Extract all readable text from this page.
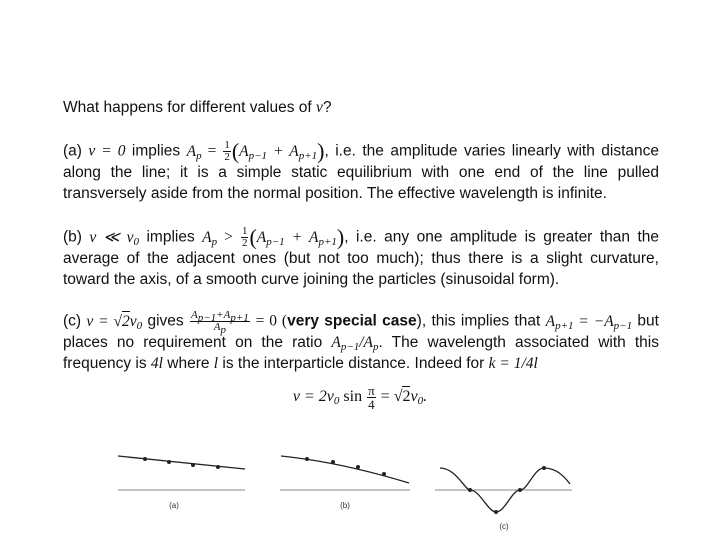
What happens for different values of ν?
(a) ν = 0 implies $A_p = \frac{1}{2} (A_{p-1} + A_{p+1})$, i.e. the amplitude varies linearly with distance along the line; it is a simple static equilibrium with one end of the line pulled transversely aside from the normal position. The effective wavelength is infinite.
(b) ν ≪ $\nu_0$ implies $A_p > \frac{1}{2} (A_{p-1} + A_{p+1})$, i.e. any one amplitude is greater than the average of the adjacent ones (but not too much); thus there is a slight curvature, toward the axis, of a smooth curve joining the particles (sinusoidal form).
(c) $\nu = √2\nu_0$ gives $\frac{A_{p-1}+A_{p+1}}{A_p} = 0$ (very special case), this implies that $A_{p+1} = -A_{p-1}$ but places no requirement on the ratio $A_{p-1}/A_p$. The wavelength associated with this frequency is 4l where l is the interparticle distance. Indeed for k = 1/4l
$\nu = 2\nu_0$ $\sin \frac{\pi}{4} = √2\nu_0$.
(a)	(b)
(c)
